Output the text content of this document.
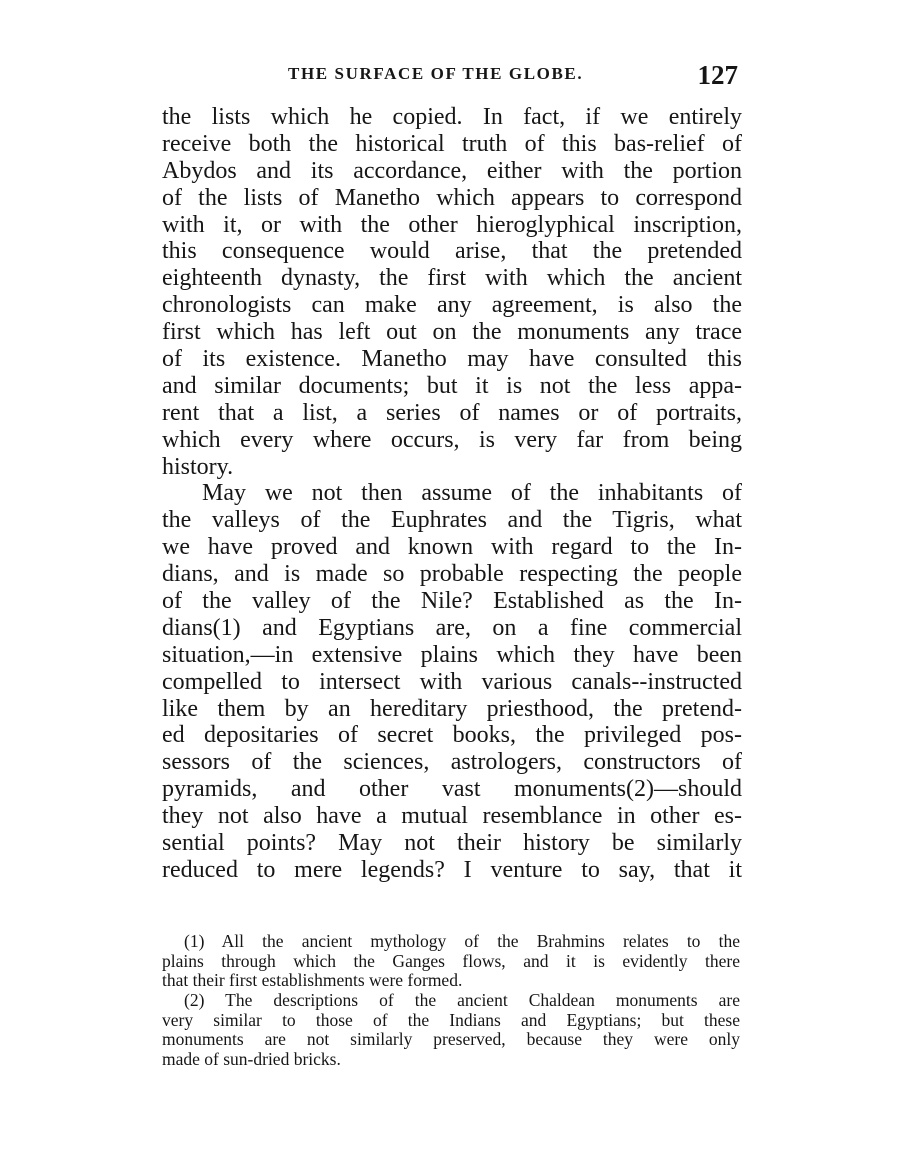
THE SURFACE OF THE GLOBE.	127
the lists which he copied. In fact, if we entirely
receive both the historical truth of this bas-relief of
Abydos and its accordance, either with the portion
of the lists of Manetho which appears to correspond
with it, or with the other hieroglyphical inscription,
this consequence would arise, that the pretended
eighteenth dynasty, the first with which the ancient
chronologists can make any agreement, is also the
first which has left out on the monuments any trace
of its existence. Manetho may have consulted this
and similar documents; but it is not the less appa-
rent that a list, a series of names or of portraits,
which every where occurs, is very far from being
history.
May we not then assume of the inhabitants of
the valleys of the Euphrates and the Tigris, what
we have proved and known with regard to the In-
dians, and is made so probable respecting the people
of the valley of the Nile? Established as the In-
dians(1) and Egyptians are, on a fine commercial
situation,—in extensive plains which they have been
compelled to intersect with various canals--instructed
like them by an hereditary priesthood, the pretend-
ed depositaries of secret books, the privileged pos-
sessors of the sciences, astrologers, constructors of
pyramids, and other vast monuments(2)—should
they not also have a mutual resemblance in other es-
sential points? May not their history be similarly
reduced to mere legends? I venture to say, that it
(1) All the ancient mythology of the Brahmins relates to the
plains through which the Ganges flows, and it is evidently there
that their first establishments were formed.
(2) The descriptions of the ancient Chaldean monuments are
very similar to those of the Indians and Egyptians; but these
monuments are not similarly preserved, because they were only
made of sun-dried bricks.
